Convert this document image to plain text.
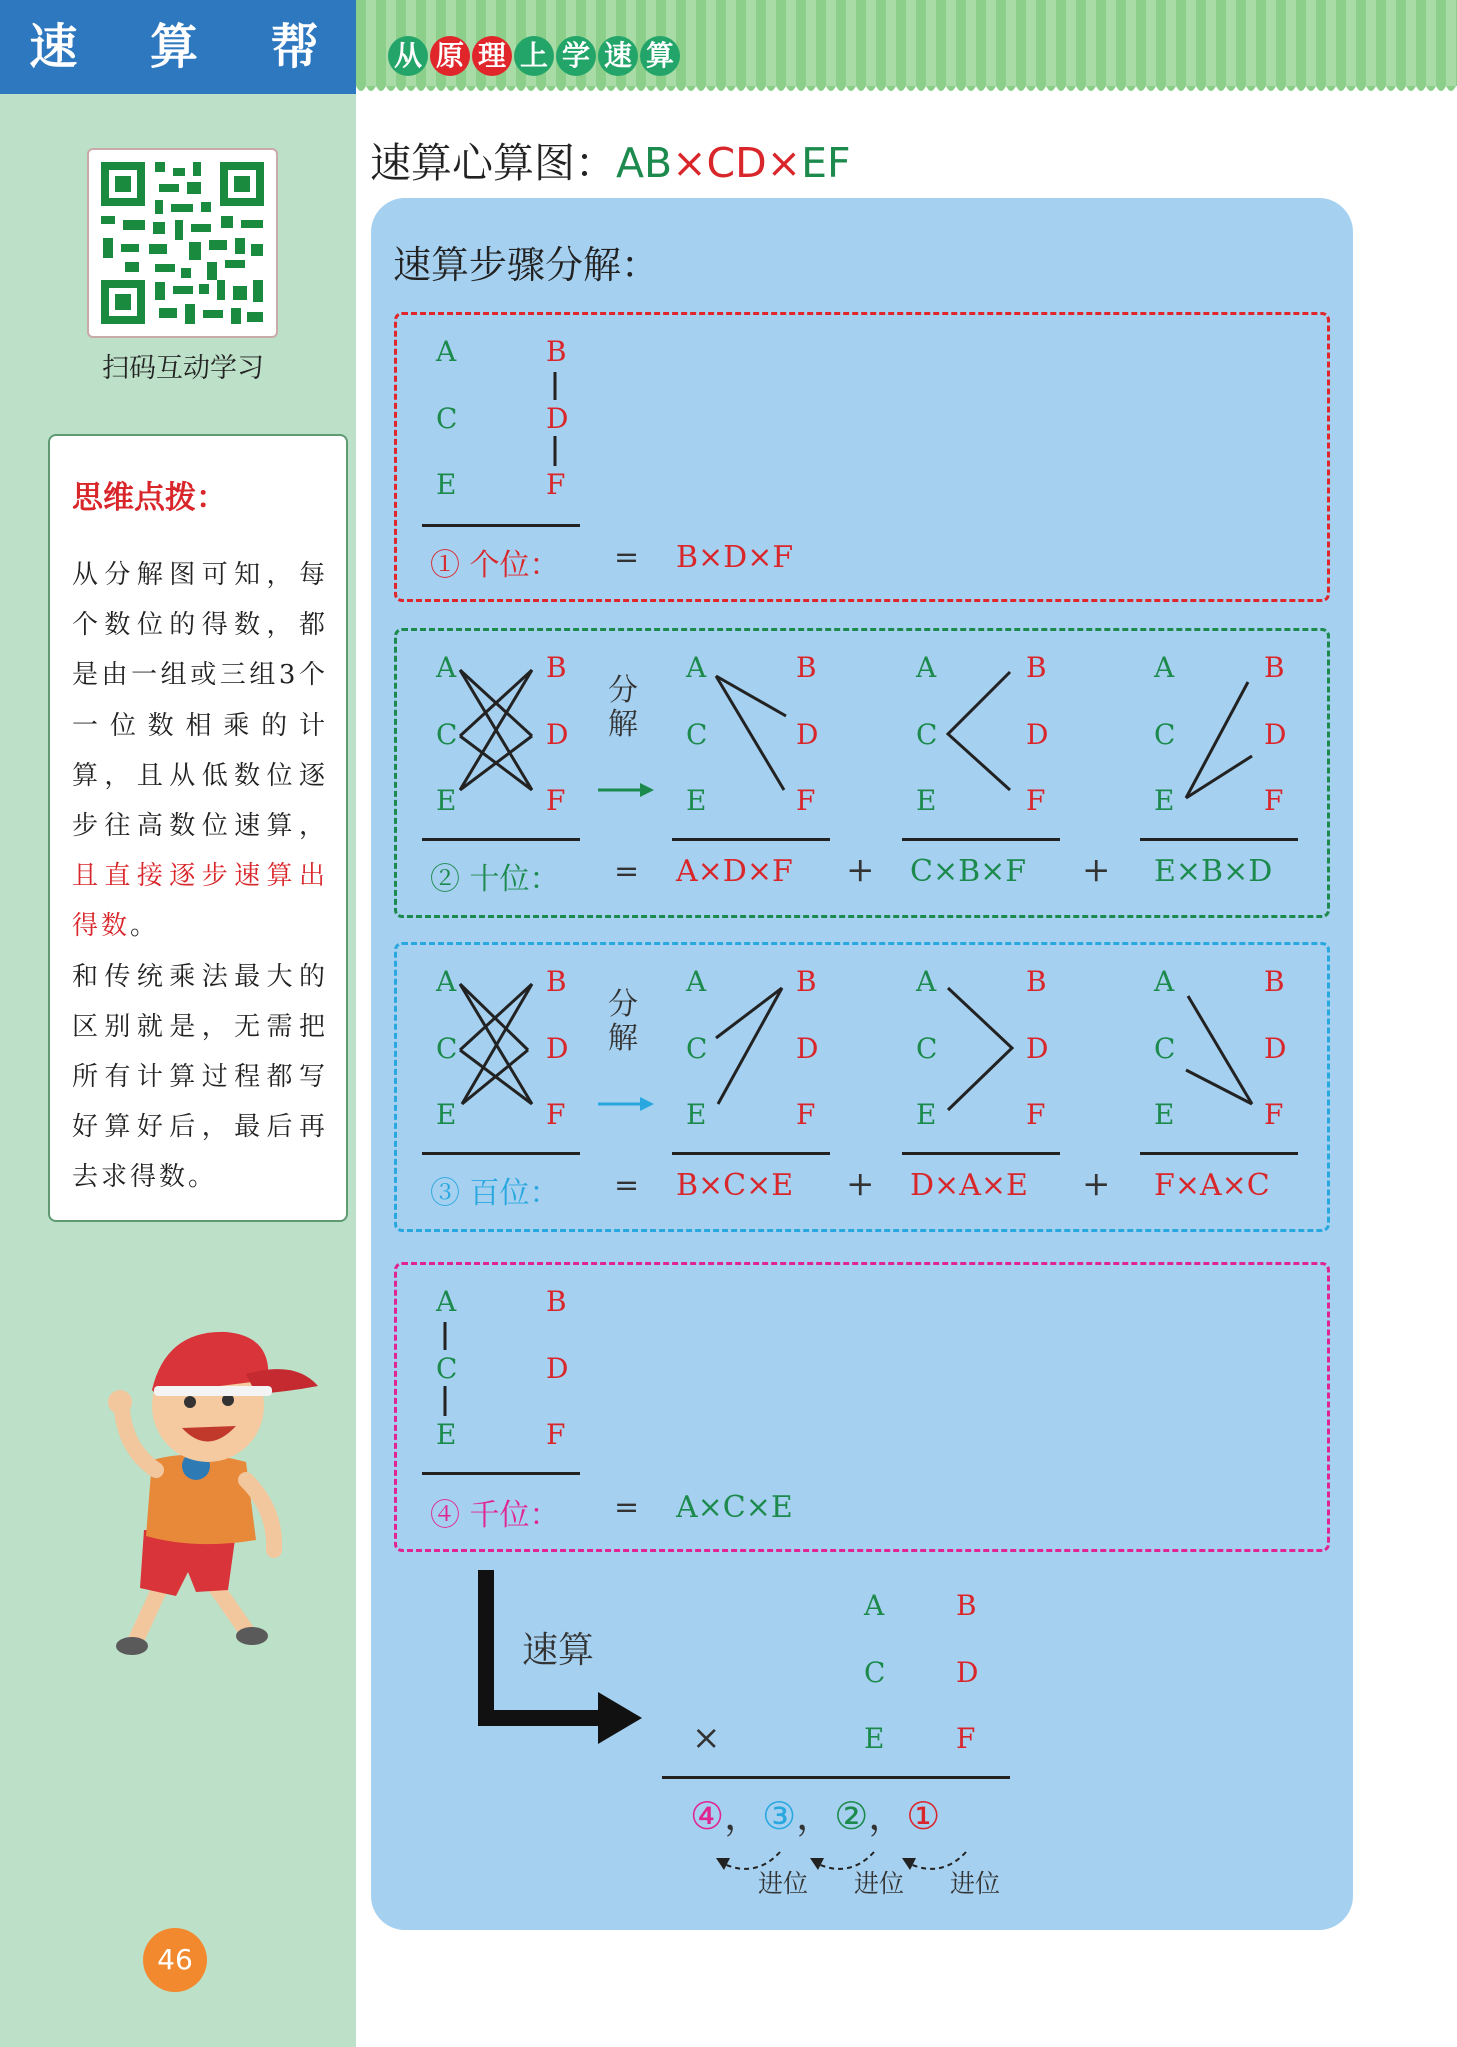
速 算 帮
扫码互动学习
思维点拨：
从分解图可知，每个数位的得数，都是由一组或三组3个一位数相乘的计算，且从低数位逐步往高数位速算，且直接逐步速算出得数。
和传统乘法最大的区别就是，无需把所有计算过程都写好算好后，最后再去求得数。
46
从 原 理 上 学 速 算
速算心算图：AB×CD×EF
速算步骤分解：
A
C
E
B
D
F
① 个位： = B×D×F
A
C
E
B
D
F
分解
A
C
E
B
D
F
A
C
E
B
D
F
A
C
E
B
D
F
② 十位： = A×D×F + C×B×F + E×B×D
A
C
E
B
D
F
分解
A
C
E
B
D
F
A
C
E
B
D
F
A
C
E
B
D
F
③ 百位： = B×C×E + D×A×E + F×A×C
A
C
E
B
D
F
④ 千位： = A×C×E
速算
A
C
E
B
D
F
×
④，③，②，①
进位 进位 进位
